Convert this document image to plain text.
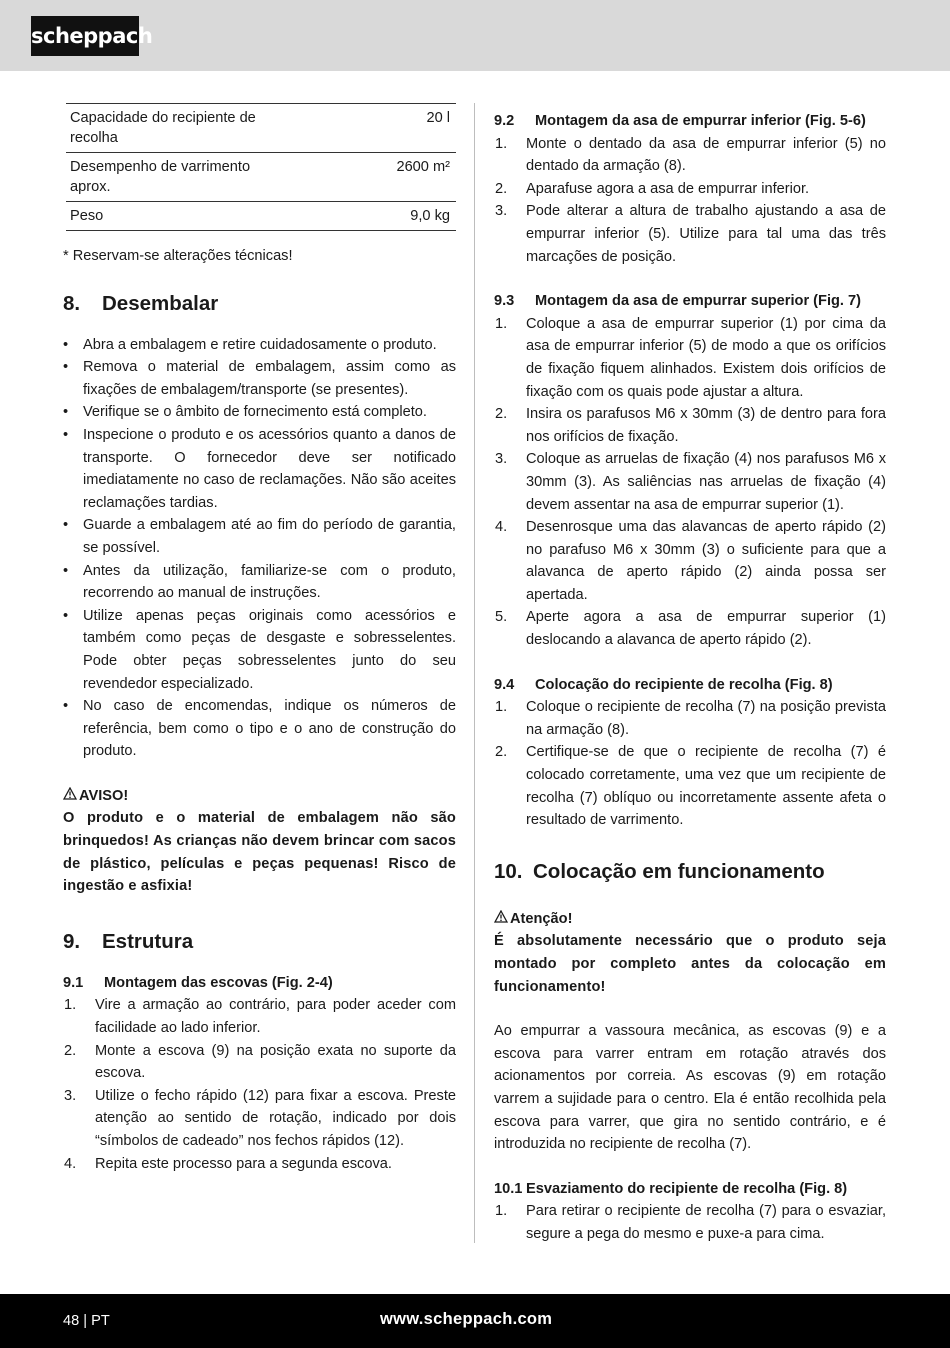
scheppach
Capacidade do recipiente de recolha	20 l
Desempenho de varrimento aprox.	2600 m²
Peso	9,0 kg

* Reservam-se alterações técnicas!

8. Desembalar
• Abra a embalagem e retire cuidadosamente o produto.
• Remova o material de embalagem, assim como as fixações de embalagem/transporte (se presentes).
• Verifique se o âmbito de fornecimento está completo.
• Inspecione o produto e os acessórios quanto a danos de transporte. O fornecedor deve ser notificado imediatamente no caso de reclamações. Não são aceites reclamações tardias.
• Guarde a embalagem até ao fim do período de garantia, se possível.
• Antes da utilização, familiarize-se com o produto, recorrendo ao manual de instruções.
• Utilize apenas peças originais como acessórios e também como peças de desgaste e sobresselentes. Pode obter peças sobresselentes junto do seu revendedor especializado.
• No caso de encomendas, indique os números de referência, bem como o tipo e o ano de construção do produto.
AVISO!

O produto e o material de embalagem não são brinquedos! As crianças não devem brincar com sacos de plástico, películas e peças pequenas! Risco de ingestão e asfixia!

9. Estrutura
9.1 Montagem das escovas (Fig. 2-4)
1. Vire a armação ao contrário, para poder aceder com facilidade ao lado inferior.
2. Monte a escova (9) na posição exata no suporte da escova.
3. Utilize o fecho rápido (12) para fixar a escova. Preste atenção ao sentido de rotação, indicado por dois “símbolos de cadeado” nos fechos rápidos (12).
4. Repita este processo para a segunda escova.
9.2 Montagem da asa de empurrar inferior (Fig. 5-6)
1. Monte o dentado da asa de empurrar inferior (5) no dentado da armação (8).
2. Aparafuse agora a asa de empurrar inferior.
3. Pode alterar a altura de trabalho ajustando a asa de empurrar inferior (5). Utilize para tal uma das três marcações de posição.
9.3 Montagem da asa de empurrar superior (Fig. 7)
1. Coloque a asa de empurrar superior (1) por cima da asa de empurrar inferior (5) de modo a que os orifícios de fixação fiquem alinhados. Existem dois orifícios de fixação com os quais pode ajustar a altura.
2. Insira os parafusos M6 x 30mm (3) de dentro para fora nos orifícios de fixação.
3. Coloque as arruelas de fixação (4) nos parafusos M6 x 30mm (3). As saliências nas arruelas de fixação (4) devem assentar na asa de empurrar superior (1).
4. Desenrosque uma das alavancas de aperto rápido (2) no parafuso M6 x 30mm (3) o suficiente para que a alavanca de aperto rápido (2) ainda possa ser apertada.
5. Aperte agora a asa de empurrar superior (1) deslocando a alavanca de aperto rápido (2).
9.4 Colocação do recipiente de recolha (Fig. 8)
1. Coloque o recipiente de recolha (7) na posição prevista na armação (8).
2. Certifique-se de que o recipiente de recolha (7) é colocado corretamente, uma vez que um recipiente de recolha (7) oblíquo ou incorretamente assente afeta o resultado de varrimento.
10. Colocação em funcionamento
Atenção!

É absolutamente necessário que o produto seja montado por completo antes da colocação em funcionamento!

Ao empurrar a vassoura mecânica, as escovas (9) e a escova para varrer entram em rotação através dos acionamentos por correia. As escovas (9) em rotação varrem a sujidade para o centro. Ela é então recolhida pela escova para varrer, que gira no sentido contrário, e é introduzida no recipiente de recolha (7).

10.1 Esvaziamento do recipiente de recolha (Fig. 8)
1. Para retirar o recipiente de recolha (7) para o esvaziar, segure a pega do mesmo e puxe-a para cima.
48 | PT	www.scheppach.com
